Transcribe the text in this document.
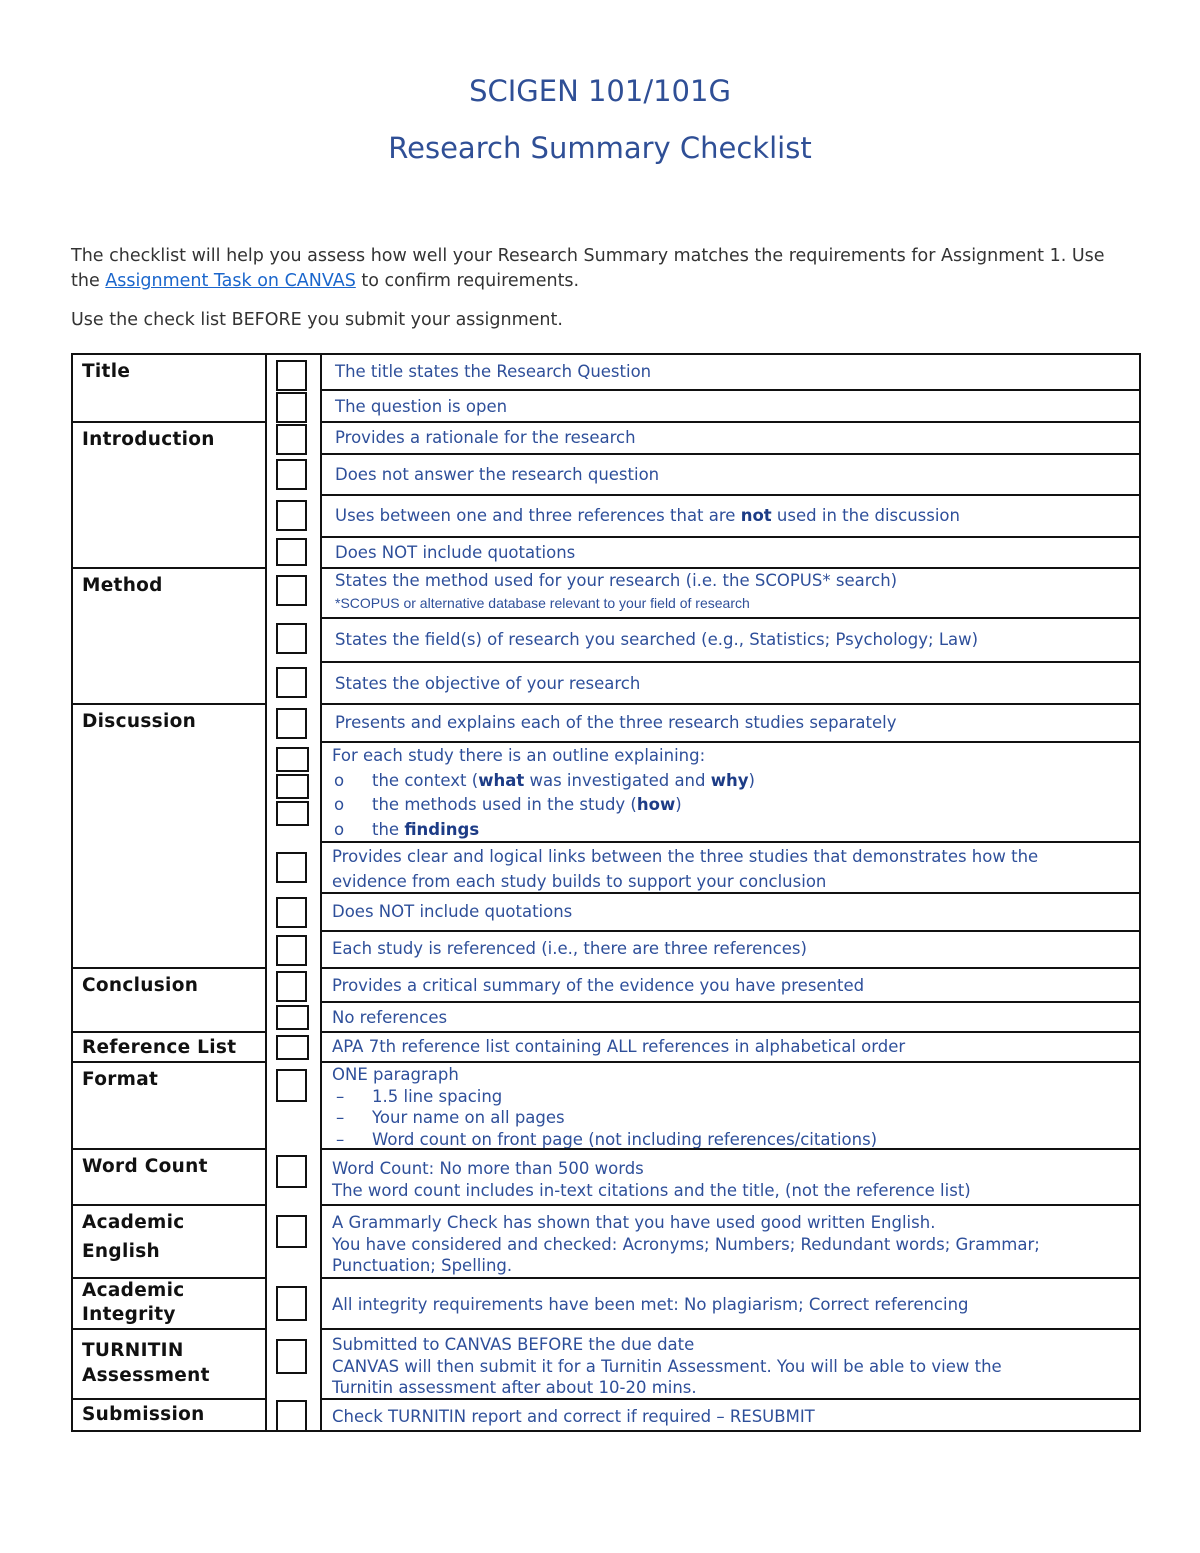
SCIGEN 101/101G
Research Summary Checklist
The checklist will help you assess how well your Research Summary matches the requirements for Assignment 1. Use the Assignment Task on CANVAS to confirm requirements.
Use the check list BEFORE you submit your assignment.
Title
Introduction
Method
Discussion
Conclusion
Reference List
Format
Word Count
Academic
English
Academic
Integrity
TURNITIN
Assessment
Submission
The title states the Research Question
The question is open
Provides a rationale for the research
Does not answer the research question
Uses between one and three references that are not used in the discussion
Does NOT include quotations
States the method used for your research (i.e. the SCOPUS* search)
*SCOPUS or alternative database relevant to your field of research
States the field(s) of research you searched (e.g., Statistics; Psychology; Law)
States the objective of your research
Presents and explains each of the three research studies separately
For each study there is an outline explaining:
o the context (what was investigated and why)
o the methods used in the study (how)
o the findings
Provides clear and logical links between the three studies that demonstrates how the
evidence from each study builds to support your conclusion
Does NOT include quotations
Each study is referenced (i.e., there are three references)
Provides a critical summary of the evidence you have presented
No references
APA 7th reference list containing ALL references in alphabetical order
ONE paragraph
– 1.5 line spacing
– Your name on all pages
– Word count on front page (not including references/citations)
Word Count: No more than 500 words
The word count includes in-text citations and the title, (not the reference list)
A Grammarly Check has shown that you have used good written English.
You have considered and checked: Acronyms; Numbers; Redundant words; Grammar;
Punctuation; Spelling.
All integrity requirements have been met: No plagiarism; Correct referencing
Submitted to CANVAS BEFORE the due date
CANVAS will then submit it for a Turnitin Assessment. You will be able to view the
Turnitin assessment after about 10-20 mins.
Check TURNITIN report and correct if required – RESUBMIT
